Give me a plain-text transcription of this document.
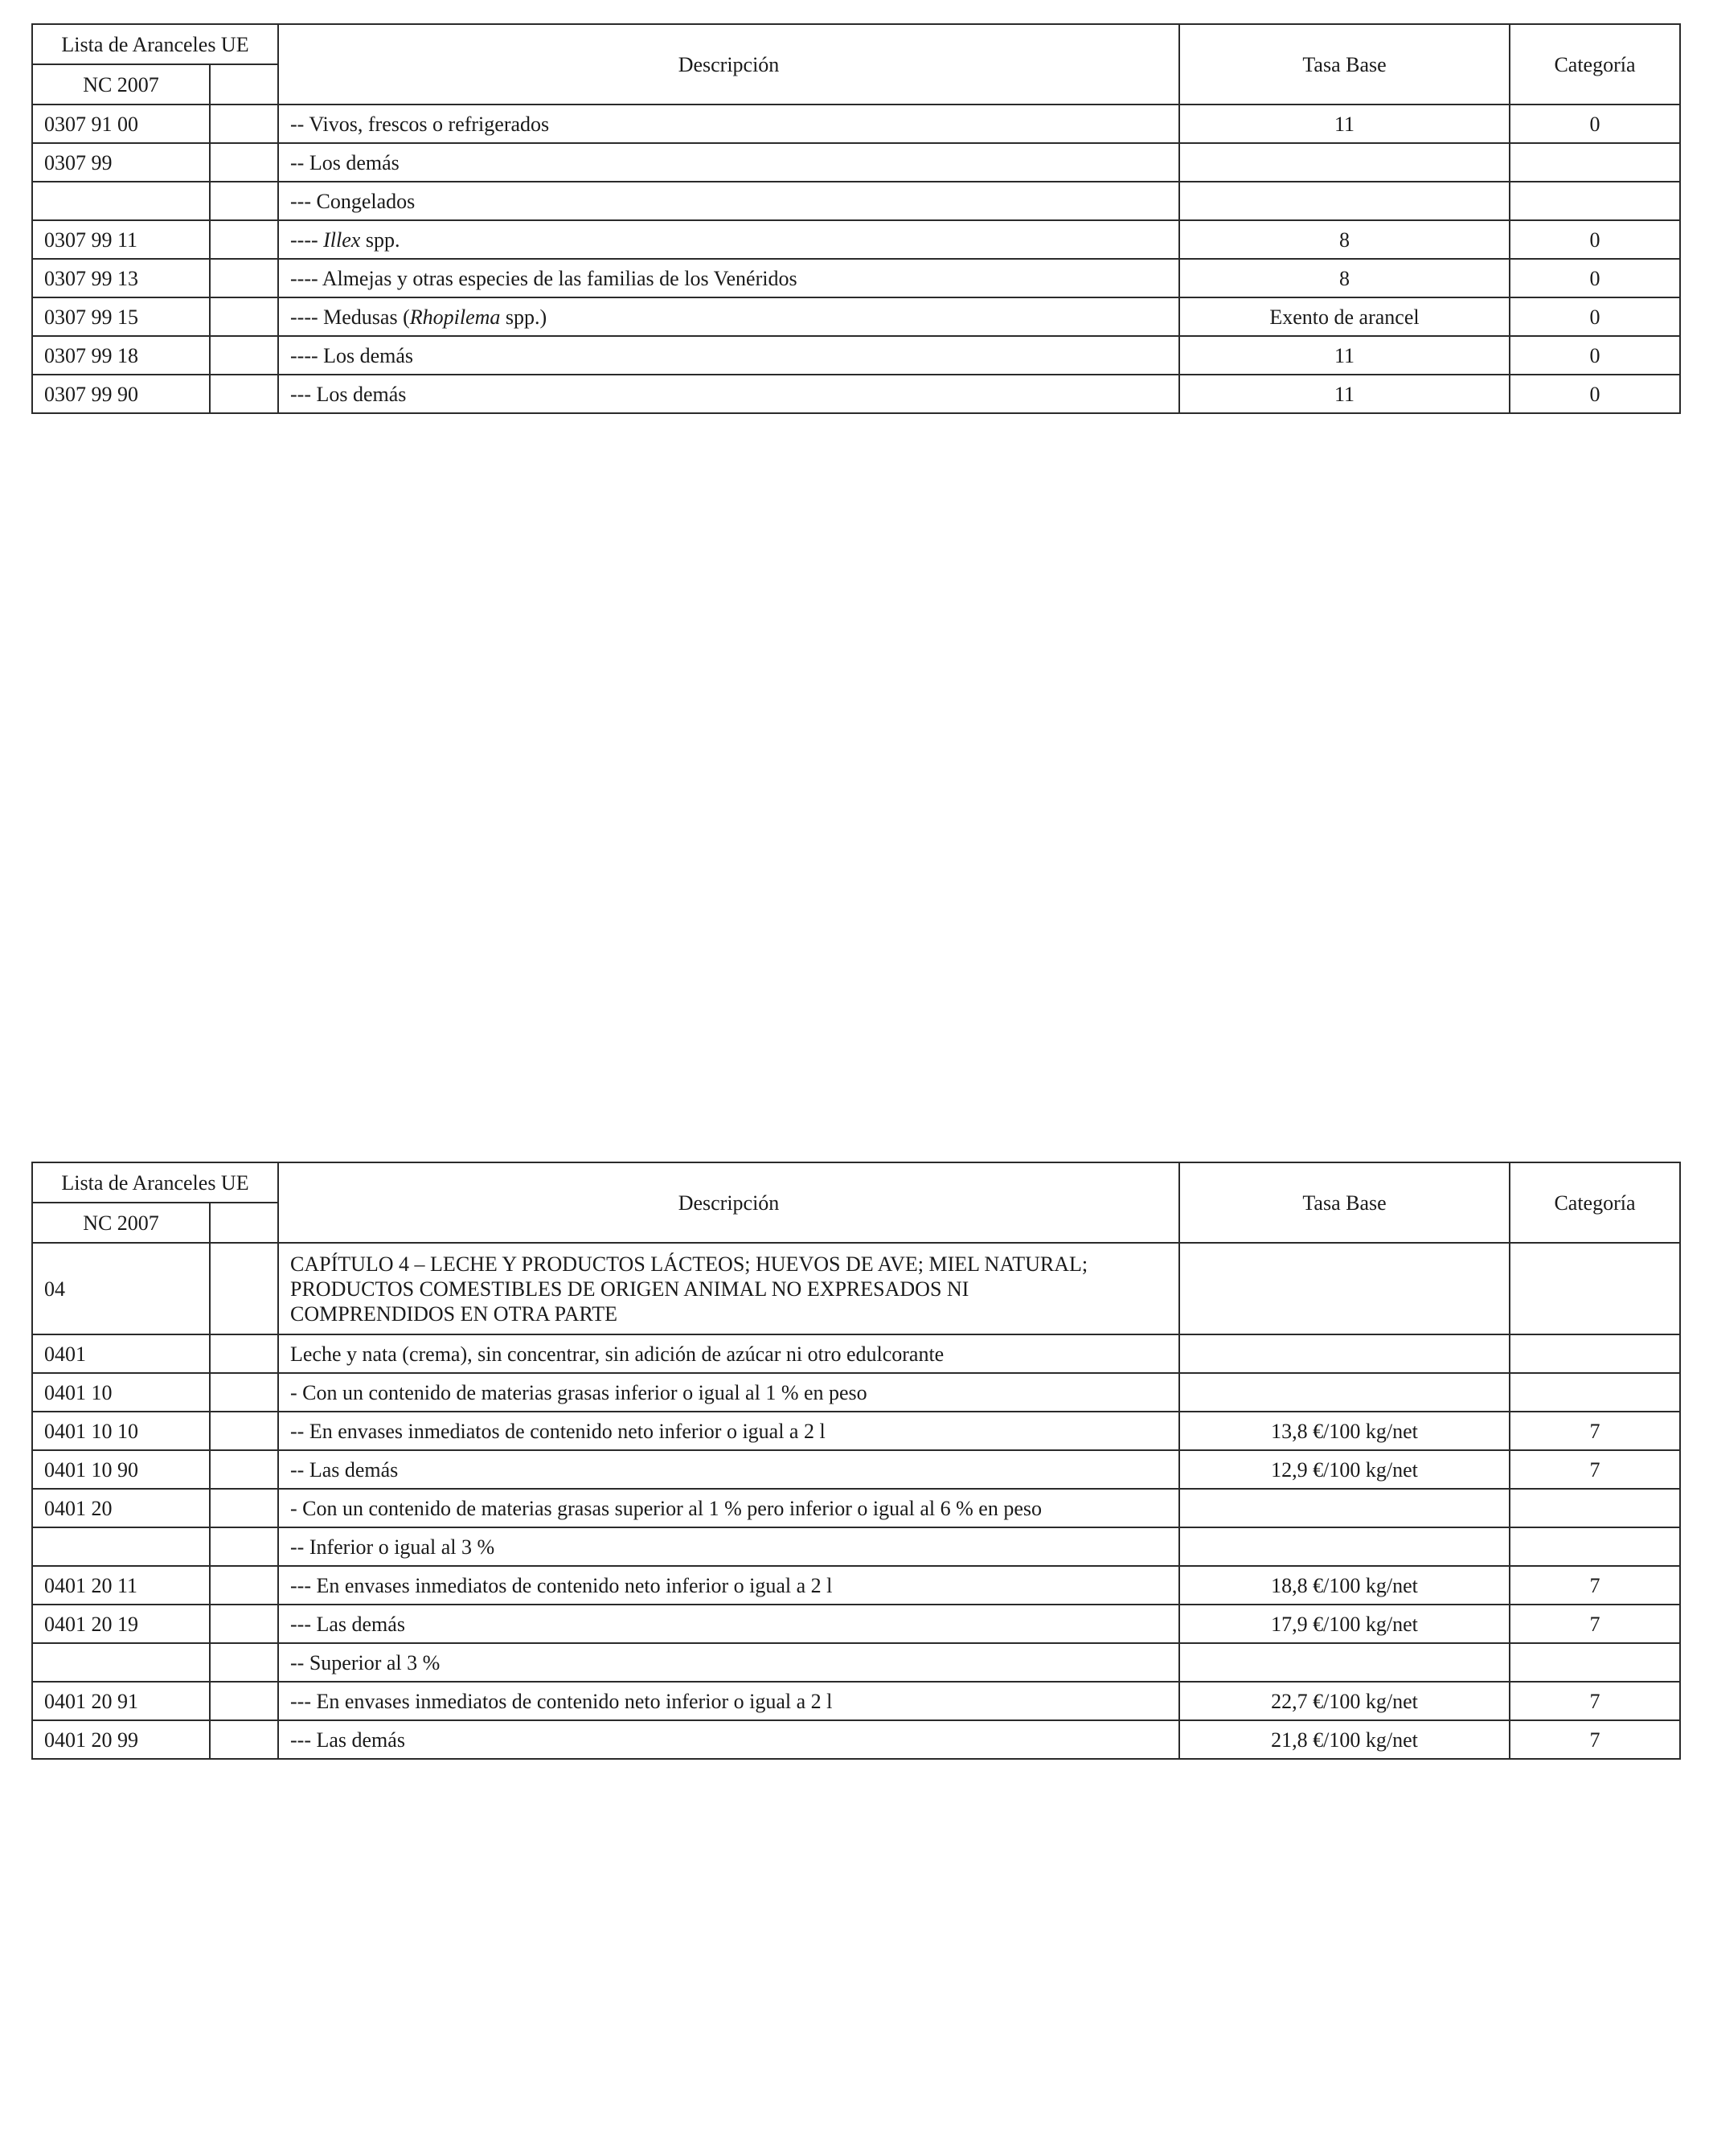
Lista de Aranceles UE		Descripción	Tasa Base	Categoría
NC 2007				
0307 91 00		-- Vivos, frescos o refrigerados	11	0
0307 99		-- Los demás		
		--- Congelados		
0307 99 11		---- Illex spp.	8	0
0307 99 13		---- Almejas y otras especies de las familias de los Venéridos	8	0
0307 99 15		---- Medusas (Rhopilema spp.)	Exento de arancel	0
0307 99 18		---- Los demás	11	0
0307 99 90		--- Los demás	11	0
Lista de Aranceles UE		Descripción	Tasa Base	Categoría
NC 2007				
04		CAPÍTULO 4 – LECHE Y PRODUCTOS LÁCTEOS; HUEVOS DE AVE; MIEL NATURAL;
PRODUCTOS COMESTIBLES DE ORIGEN ANIMAL NO EXPRESADOS NI
COMPRENDIDOS EN OTRA PARTE		

0401		Leche y nata (crema), sin concentrar, sin adición de azúcar ni otro edulcorante		
0401 10		- Con un contenido de materias grasas inferior o igual al 1 % en peso		
0401 10 10		-- En envases inmediatos de contenido neto inferior o igual a 2 l	13,8 €/100 kg/net	7
0401 10 90		-- Las demás	12,9 €/100 kg/net	7
0401 20		- Con un contenido de materias grasas superior al 1 % pero inferior o igual al 6 % en peso		
		-- Inferior o igual al 3 %		
0401 20 11		--- En envases inmediatos de contenido neto inferior o igual a 2 l	18,8 €/100 kg/net	7
0401 20 19		--- Las demás	17,9 €/100 kg/net	7
		-- Superior al 3 %		
0401 20 91		--- En envases inmediatos de contenido neto inferior o igual a 2 l	22,7 €/100 kg/net	7
0401 20 99		--- Las demás	21,8 €/100 kg/net	7
